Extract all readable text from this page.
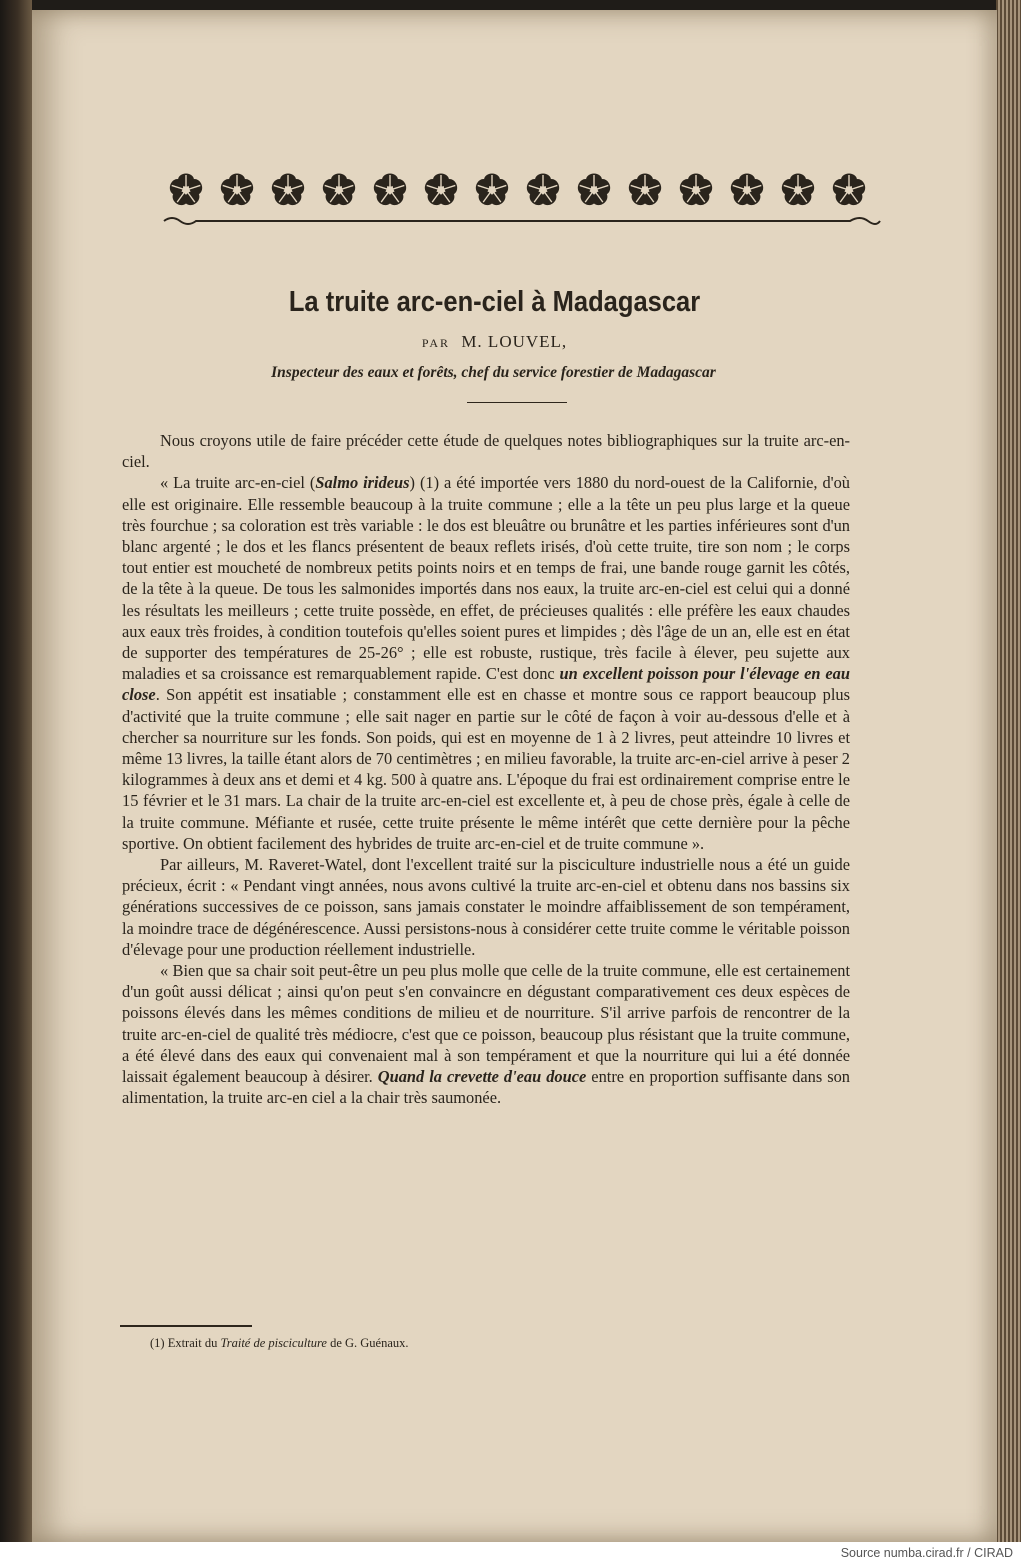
La truite arc-en-ciel à Madagascar
PAR M. LOUVEL,
Inspecteur des eaux et forêts, chef du service forestier de Madagascar

Nous croyons utile de faire précéder cette étude de quelques notes bibliographiques sur la truite arc-en-ciel.

« La truite arc-en-ciel (Salmo irideus) (1) a été importée vers 1880 du nord-ouest de la Californie, d'où elle est originaire. Elle ressemble beaucoup à la truite commune ; elle a la tête un peu plus large et la queue très fourchue ; sa coloration est très variable : le dos est bleuâtre ou brunâtre et les parties inférieures sont d'un blanc argenté ; le dos et les flancs présentent de beaux reflets irisés, d'où cette truite, tire son nom ; le corps tout entier est moucheté de nombreux petits points noirs et en temps de frai, une bande rouge garnit les côtés, de la tête à la queue. De tous les salmonides importés dans nos eaux, la truite arc-en-ciel est celui qui a donné les résultats les meilleurs ; cette truite possède, en effet, de précieuses qualités : elle préfère les eaux chaudes aux eaux très froides, à condition toutefois qu'elles soient pures et limpides ; dès l'âge de un an, elle est en état de supporter des températures de 25-26° ; elle est robuste, rustique, très facile à élever, peu sujette aux maladies et sa croissance est remarquablement rapide. C'est donc un excellent poisson pour l'élevage en eau close. Son appétit est insatiable ; constamment elle est en chasse et montre sous ce rapport beaucoup plus d'activité que la truite commune ; elle sait nager en partie sur le côté de façon à voir au-dessous d'elle et à chercher sa nourriture sur les fonds. Son poids, qui est en moyenne de 1 à 2 livres, peut atteindre 10 livres et même 13 livres, la taille étant alors de 70 centimètres ; en milieu favorable, la truite arc-en-ciel arrive à peser 2 kilogrammes à deux ans et demi et 4 kg. 500 à quatre ans. L'époque du frai est ordinairement comprise entre le 15 février et le 31 mars. La chair de la truite arc-en-ciel est excellente et, à peu de chose près, égale à celle de la truite commune. Méfiante et rusée, cette truite présente le même intérêt que cette dernière pour la pêche sportive. On obtient facilement des hybrides de truite arc-en-ciel et de truite commune ».

Par ailleurs, M. Raveret-Watel, dont l'excellent traité sur la pisciculture industrielle nous a été un guide précieux, écrit : « Pendant vingt années, nous avons cultivé la truite arc-en-ciel et obtenu dans nos bassins six générations successives de ce poisson, sans jamais constater le moindre affaiblissement de son tempérament, la moindre trace de dégénérescence. Aussi persistons-nous à considérer cette truite comme le véritable poisson d'élevage pour une production réellement industrielle.

« Bien que sa chair soit peut-être un peu plus molle que celle de la truite commune, elle est certainement d'un goût aussi délicat ; ainsi qu'on peut s'en convaincre en dégustant comparativement ces deux espèces de poissons élevés dans les mêmes conditions de milieu et de nourriture. S'il arrive parfois de rencontrer de la truite arc-en-ciel de qualité très médiocre, c'est que ce poisson, beaucoup plus résistant que la truite commune, a été élevé dans des eaux qui convenaient mal à son tempérament et que la nourriture qui lui a été donnée laissait également beaucoup à désirer. Quand la crevette d'eau douce entre en proportion suffisante dans son alimentation, la truite arc-en ciel a la chair très saumonée.

(1) Extrait du Traité de pisciculture de G. Guénaux.
Source numba.cirad.fr / CIRAD
